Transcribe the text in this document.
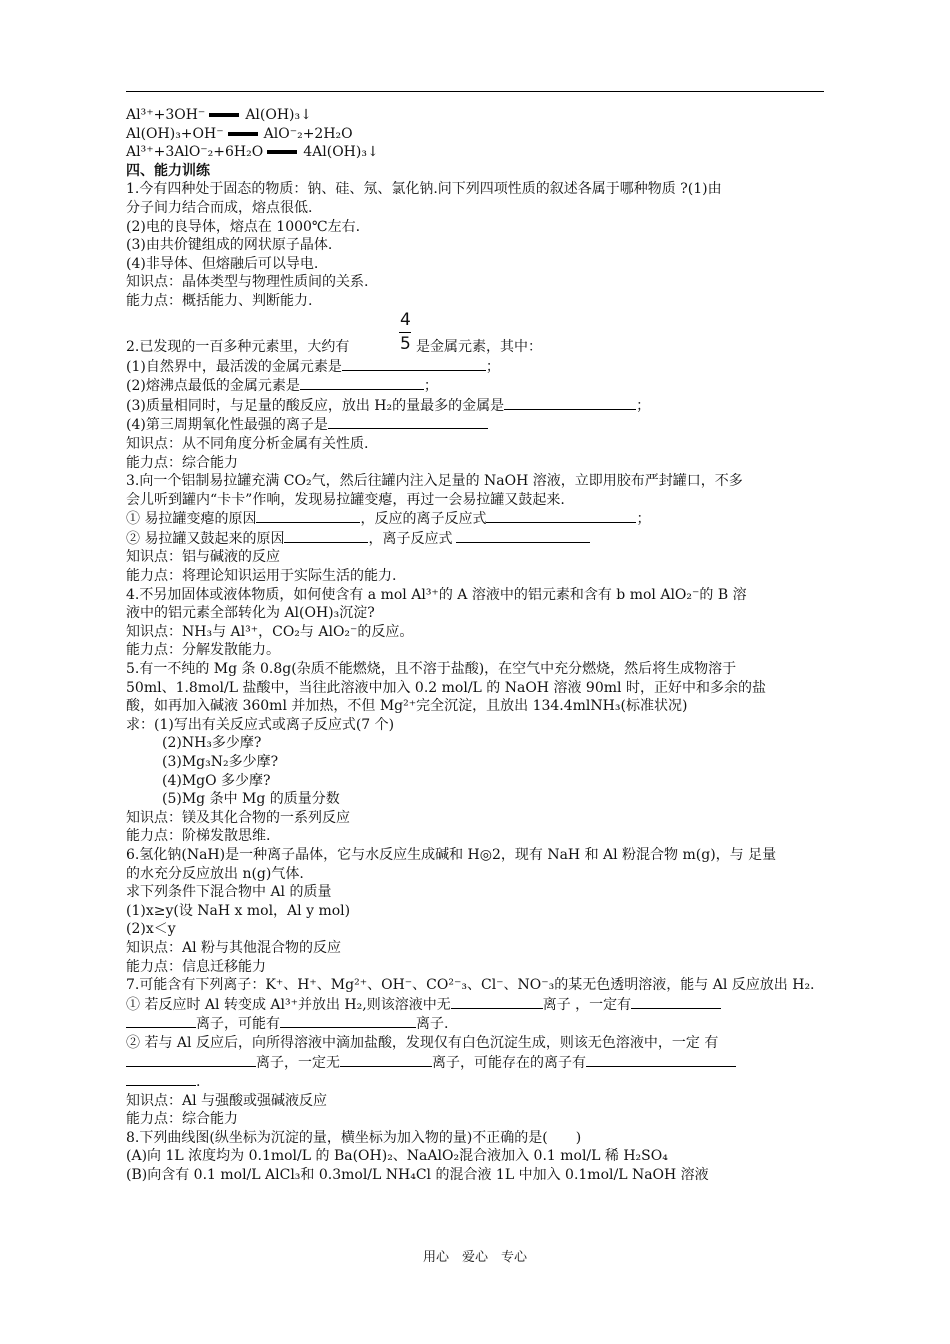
Al³⁺+3OH⁻	Al(OH)₃↓
Al(OH)₃+OH⁻	AlO⁻₂+2H₂O
Al³⁺+3AlO⁻₂+6H₂O	4Al(OH)₃↓
四、能力训练
1.今有四种处于固态的物质：钠、硅、氖、氯化钠.问下列四项性质的叙述各属于哪种物质 ?(1)由
分子间力结合而成，熔点很低.
(2)电的良导体，熔点在 1000℃左右.
(3)由共价键组成的网状原子晶体.
(4)非导体、但熔融后可以导电.
知识点：晶体类型与物理性质间的关系.
能力点：概括能力、判断能力.
4
5
2.已发现的一百多种元素里，大约有	是金属元素，其中：
(1)自然界中，最活泼的金属元素是	；
(2)熔沸点最低的金属元素是	；
(3)质量相同时，与足量的酸反应，放出 H₂的量最多的金属是	；
(4)第三周期氧化性最强的离子是
知识点：从不同角度分析金属有关性质.
能力点：综合能力
3.向一个铝制易拉罐充满 CO₂气，然后往罐内注入足量的 NaOH 溶液，立即用胶布严封罐口，不多
会儿听到罐内“卡卡”作响，发现易拉罐变瘪，再过一会易拉罐又鼓起来.
① 易拉罐变瘪的原因	，反应的离子反应式	；
② 易拉罐又鼓起来的原因	，离子反应式
知识点：铝与碱液的反应
能力点：将理论知识运用于实际生活的能力.
4.不另加固体或液体物质，如何使含有 a mol Al³⁺的 A 溶液中的铝元素和含有 b mol AlO₂⁻的 B 溶
液中的铝元素全部转化为 Al(OH)₃沉淀?
知识点：NH₃与 Al³⁺，CO₂与 AlO₂⁻的反应。
能力点：分解发散能力。
5.有一不纯的 Mg 条 0.8g(杂质不能燃烧，且不溶于盐酸)，在空气中充分燃烧，然后将生成物溶于
50ml、1.8mol/L 盐酸中，当往此溶液中加入 0.2 mol/L 的 NaOH 溶液 90ml 时，正好中和多余的盐
酸，如再加入碱液 360ml 并加热，不但 Mg²⁺完全沉淀，且放出 134.4mlNH₃(标准状况)
求：(1)写出有关反应式或离子反应式(7 个)
(2)NH₃多少摩?
(3)Mg₃N₂多少摩?
(4)MgO 多少摩?
(5)Mg 条中 Mg 的质量分数
知识点：镁及其化合物的一系列反应
能力点：阶梯发散思维.
6.氢化钠(NaH)是一种离子晶体，它与水反应生成碱和 H◎2，现有 NaH 和 Al 粉混合物 m(g)，与 足量
的水充分反应放出 n(g)气体.
求下列条件下混合物中 Al 的质量
(1)x≥y(设 NaH x mol，Al y mol)
(2)x＜y
知识点：Al 粉与其他混合物的反应
能力点：信息迁移能力
7.可能含有下列离子：K⁺、H⁺、Mg²⁺、OH⁻、CO²⁻₃、Cl⁻、NO⁻₃的某无色透明溶液，能与 Al 反应放出 H₂.
① 若反应时 Al 转变成 Al³⁺并放出 H₂,则该溶液中无	离子 ，一定有
离子，可能有	离子.
② 若与 Al 反应后，向所得溶液中滴加盐酸，发现仅有白色沉淀生成，则该无色溶液中，一定 有
离子，一定无	离子，可能存在的离子有
.
知识点：Al 与强酸或强碱液反应
能力点：综合能力
8.下列曲线图(纵坐标为沉淀的量，横坐标为加入物的量)不正确的是(　　)
(A)向 1L 浓度均为 0.1mol/L 的 Ba(OH)₂、NaAlO₂混合液加入 0.1 mol/L 稀 H₂SO₄
(B)向含有 0.1 mol/L AlCl₃和 0.3mol/L NH₄Cl 的混合液 1L 中加入 0.1mol/L NaOH 溶液
用心　爱心　专心
